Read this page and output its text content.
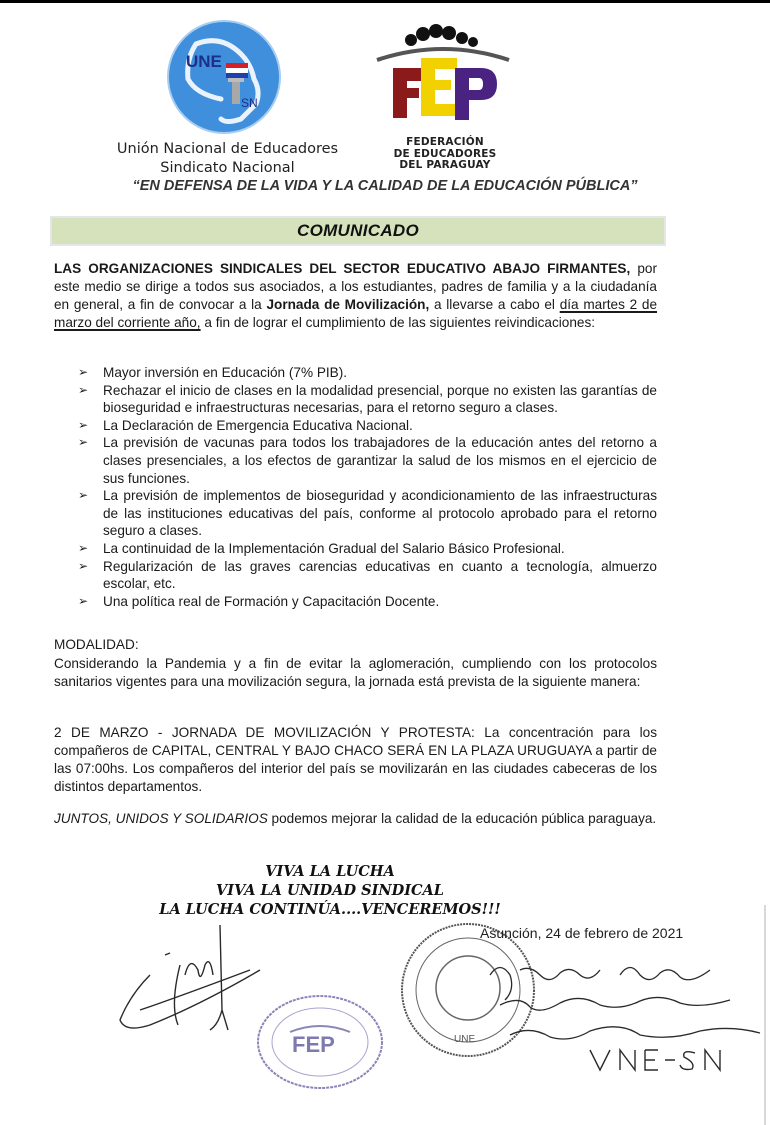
UNE
SN
Unión Nacional de Educadores
Sindicato Nacional
FEDERACIÓN
DE EDUCADORES
DEL PARAGUAY
“EN DEFENSA DE LA VIDA Y LA CALIDAD DE LA EDUCACIÓN PÚBLICA”
COMUNICADO

LAS ORGANIZACIONES SINDICALES DEL SECTOR EDUCATIVO ABAJO FIRMANTES, por este medio se dirige a todos sus asociados, a los estudiantes, padres de familia y a la ciudadanía en general, a fin de convocar a la Jornada de Movilización, a llevarse a cabo el día martes 2 de marzo del corriente año, a fin de lograr el cumplimiento de las siguientes reivindicaciones:

➢ Mayor inversión en Educación (7% PIB).
➢ Rechazar el inicio de clases en la modalidad presencial, porque no existen las garantías de bioseguridad e infraestructuras necesarias, para el retorno seguro a clases.
➢ La Declaración de Emergencia Educativa Nacional.
➢ La previsión de vacunas para todos los trabajadores de la educación antes del retorno a clases presenciales, a los efectos de garantizar la salud de los mismos en el ejercicio de sus funciones.
➢ La previsión de implementos de bioseguridad y acondicionamiento de las infraestructuras de las instituciones educativas del país, conforme al protocolo aprobado para el retorno seguro a clases.
➢ La continuidad de la Implementación Gradual del Salario Básico Profesional.
➢ Regularización de las graves carencias educativas en cuanto a tecnología, almuerzo escolar, etc.
➢ Una política real de Formación y Capacitación Docente.
MODALIDAD:

Considerando la Pandemia y a fin de evitar la aglomeración, cumpliendo con los protocolos sanitarios vigentes para una movilización segura, la jornada está prevista de la siguiente manera:

2 DE MARZO - JORNADA DE MOVILIZACIÓN Y PROTESTA: La concentración para los compañeros de CAPITAL, CENTRAL Y BAJO CHACO SERÁ EN LA PLAZA URUGUAYA a partir de las 07:00hs. Los compañeros del interior del país se movilizarán en las ciudades cabeceras de los distintos departamentos.

JUNTOS, UNIDOS Y SOLIDARIOS podemos mejorar la calidad de la educación pública paraguaya.

VIVA LA LUCHA
VIVA LA UNIDAD SINDICAL
LA LUCHA CONTINÚA....VENCEREMOS!!!
FEP	UNE
Asunción, 24 de febrero de 2021
